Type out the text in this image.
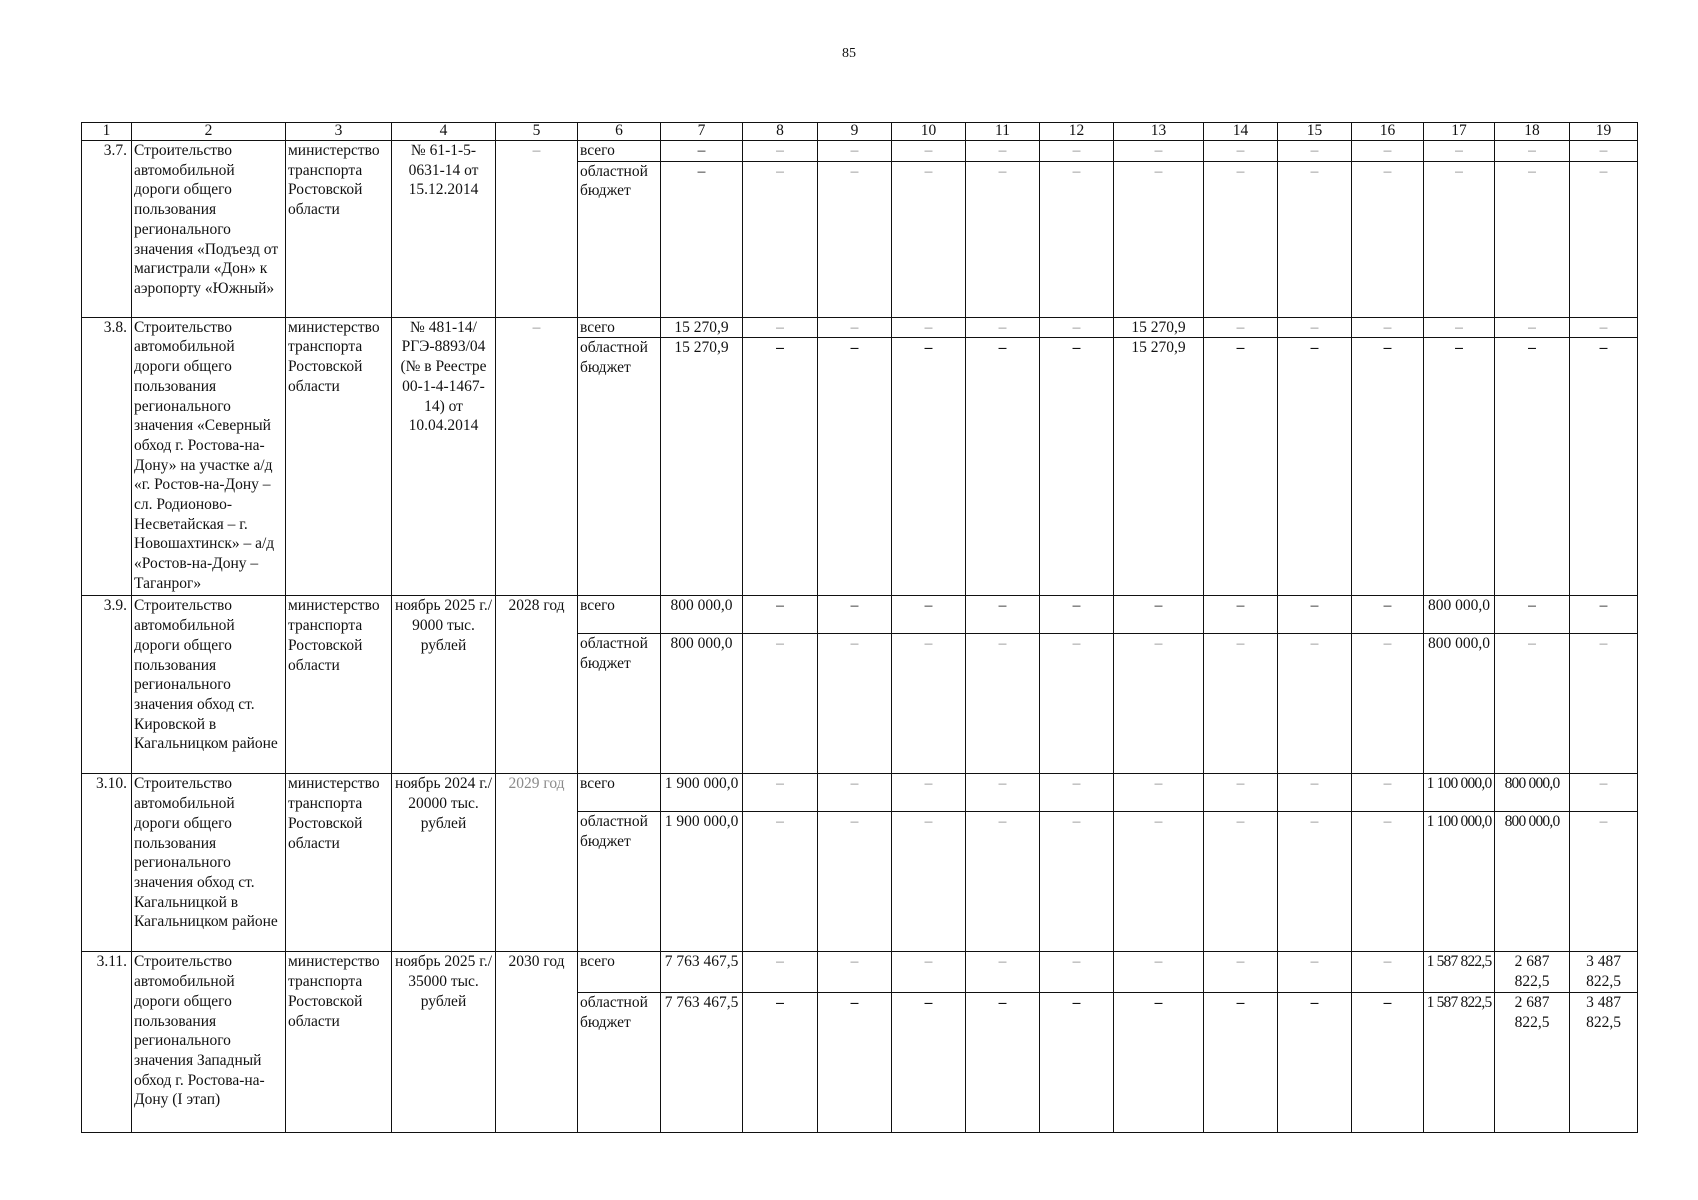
85
1	2	3	4	5	6	7	8	9	10	11	12	13	14	15	16	17	18	19
3.7.	Строительство автомобильной дороги общего пользования регионального значения «Подъезд от магистрали «Дон» к аэропорту «Южный»	министерство транспорта Ростовской области	№ 61-1-5-0631-14 от 15.12.2014	–	всего	–	–	–	–	–	–	–	–	–	–	–	–	–
					областной бюджет	–	–	–	–	–	–	–	–	–	–	–	–	–
3.8.	Строительство автомобильной дороги общего пользования регионального значения «Северный обход г. Ростова-на-Дону» на участке а/д «г. Ростов-на-Дону – сл. Родионово-Несветайская – г. Новошахтинск» – а/д «Ростов-на-Дону – Таганрог»	министерство транспорта Ростовской области	№ 481-14/РГЭ-8893/04 (№ в Реестре 00-1-4-1467-14) от 10.04.2014	–	всего	15 270,9	–	–	–	–	–	15 270,9	–	–	–	–	–	–
					областной бюджет	15 270,9	–	–	–	–	–	15 270,9	–	–	–	–	–	–
3.9.	Строительство автомобильной дороги общего пользования регионального значения обход ст. Кировской в Кагальницком районе	министерство транспорта Ростовской области	ноябрь 2025 г./ 9000 тыс. рублей	2028 год	всего	800 000,0	–	–	–	–	–	–	–	–	–	800 000,0	–	–
					областной бюджет	800 000,0	–	–	–	–	–	–	–	–	–	800 000,0	–	–
3.10.	Строительство автомобильной дороги общего пользования регионального значения обход ст. Кагальницкой в Кагальницком районе	министерство транспорта Ростовской области	ноябрь 2024 г./ 20000 тыс. рублей	2029 год	всего	1 900 000,0	–	–	–	–	–	–	–	–	–	1 100 000,0	800 000,0	–
					областной бюджет	1 900 000,0	–	–	–	–	–	–	–	–	–	1 100 000,0	800 000,0	–
3.11.	Строительство автомобильной дороги общего пользования регионального значения Западный обход г. Ростова-на-Дону (I этап)	министерство транспорта Ростовской области	ноябрь 2025 г./ 35000 тыс. рублей	2030 год	всего	7 763 467,5	–	–	–	–	–	–	–	–	–	1 587 822,5	2 687 822,5	3 487 822,5
					областной бюджет	7 763 467,5	–	–	–	–	–	–	–	–	–	1 587 822,5	2 687 822,5	3 487 822,5
